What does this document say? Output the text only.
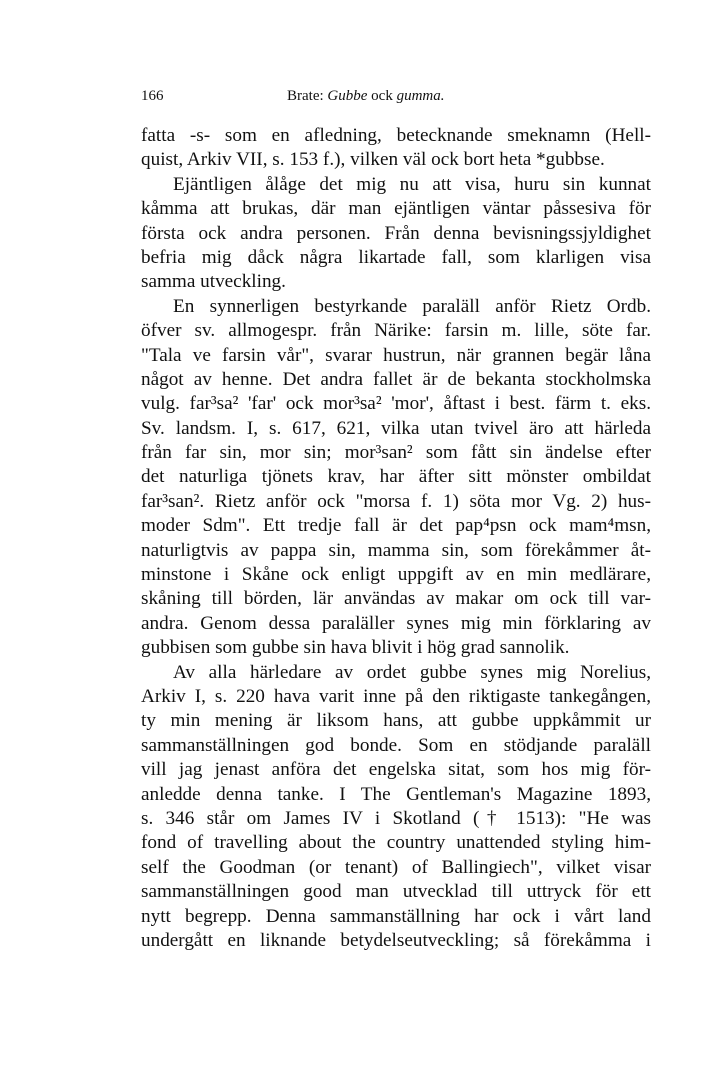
166	Brate: Gubbe ock gumma.
fatta -s- som en afledning, betecknande smeknamn (Hell-
quist, Arkiv VII, s. 153 f.), vilken väl ock bort heta *gubbse.
Ejäntligen ålåge det mig nu att visa, huru sin kunnat
kåmma att brukas, där man ejäntligen väntar påssesiva för
första ock andra personen. Från denna bevisningssjyldighet
befria mig dåck några likartade fall, som klarligen visa
samma utveckling.
En synnerligen bestyrkande paraläll anför Rietz Ordb.
öfver sv. allmogespr. från Närike: farsin m. lille, söte far.
"Tala ve farsin vår", svarar hustrun, när grannen begär låna
något av henne. Det andra fallet är de bekanta stockholmska
vulg. far³sa² 'far' ock mor³sa² 'mor', åftast i best. färm t. eks.
Sv. landsm. I, s. 617, 621, vilka utan tvivel äro att härleda
från far sin, mor sin; mor³san² som fått sin ändelse efter
det naturliga tjönets krav, har äfter sitt mönster ombildat
far³san². Rietz anför ock "morsa f. 1) söta mor Vg. 2) hus-
moder Sdm". Ett tredje fall är det pap⁴psn ock mam⁴msn,
naturligtvis av pappa sin, mamma sin, som förekåmmer åt-
minstone i Skåne ock enligt uppgift av en min medlärare,
skåning till börden, lär användas av makar om ock till var-
andra. Genom dessa paraläller synes mig min förklaring av
gubbisen som gubbe sin hava blivit i hög grad sannolik.
Av alla härledare av ordet gubbe synes mig Norelius,
Arkiv I, s. 220 hava varit inne på den riktigaste tankegången,
ty min mening är liksom hans, att gubbe uppkåmmit ur
sammanställningen god bonde. Som en stödjande paraläll
vill jag jenast anföra det engelska sitat, som hos mig för-
anledde denna tanke. I The Gentleman's Magazine 1893,
s. 346 står om James IV i Skotland († 1513): "He was
fond of travelling about the country unattended styling him-
self the Goodman (or tenant) of Ballingiech", vilket visar
sammanställningen good man utvecklad till uttryck för ett
nytt begrepp. Denna sammanställning har ock i vårt land
undergått en liknande betydelseutveckling; så förekåmma i
